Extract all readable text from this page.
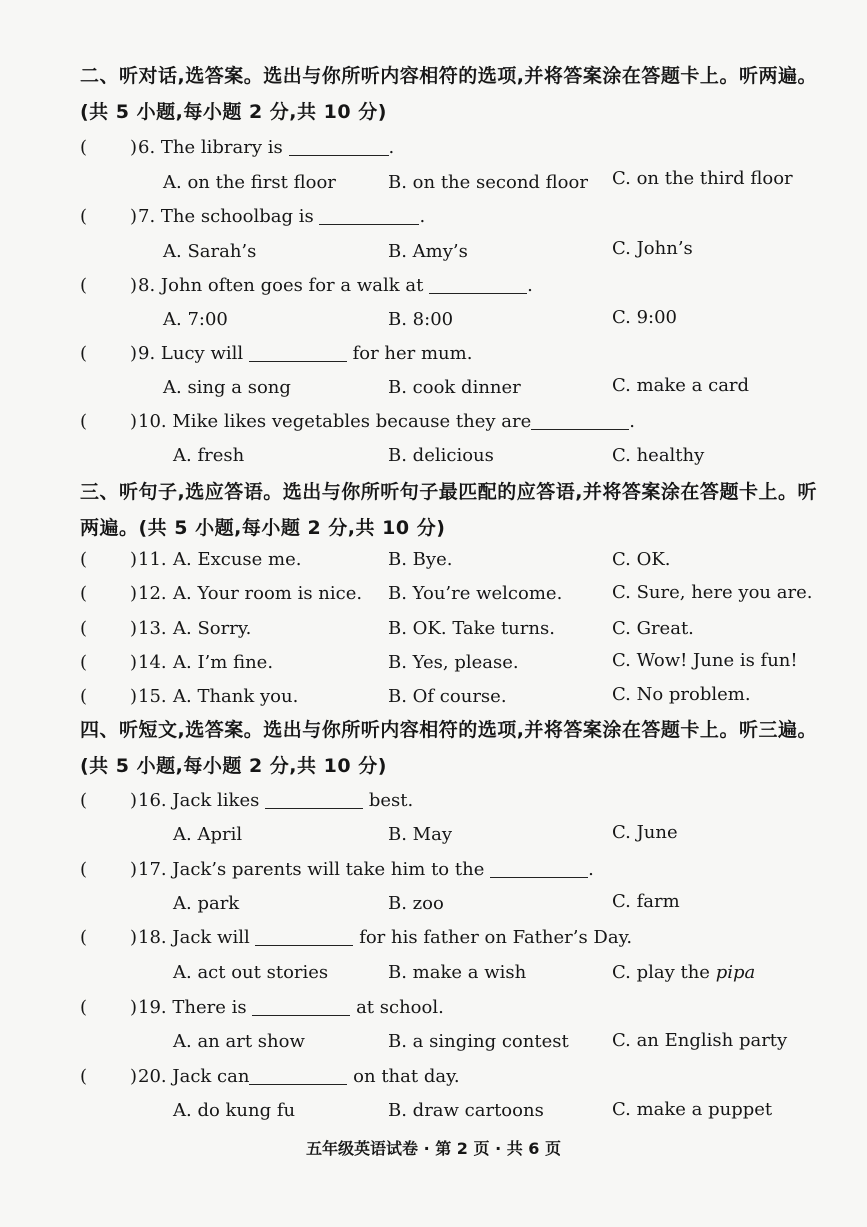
二、听对话,选答案。选出与你所听内容相符的选项,并将答案涂在答题卡上。听两遍。(共 5 小题,每小题 2 分,共 10 分)
( ) 6. The library is	.
A. on the first floor	B. on the second floor C. on the third floor
( ) 7. The schoolbag is	.
A. Sarah’s	B. Amy’s	C. John’s
( ) 8. John often goes for a walk at	.
A. 7:00	B. 8:00	C. 9:00
( ) 9. Lucy will	for her mum.
A. sing a song	B. cook dinner	C. make a card
( ) 10. Mike likes vegetables because they are	.
A. fresh	B. delicious	C. healthy
三、听句子,选应答语。选出与你所听句子最匹配的应答语,并将答案涂在答题卡上。听两遍。(共 5 小题,每小题 2 分,共 10 分)
( ) 11. A. Excuse me.	B. Bye.	C. OK.
( ) 12. A. Your room is nice. B. You’re welcome.	C. Sure, here you are.
( ) 13. A. Sorry.	B. OK. Take turns.	C. Great.
( ) 14. A. I’m fine.	B. Yes, please.	C. Wow! June is fun!
( ) 15. A. Thank you.	B. Of course.	C. No problem.
四、听短文,选答案。选出与你所听内容相符的选项,并将答案涂在答题卡上。听三遍。(共 5 小题,每小题 2 分,共 10 分)
( ) 16. Jack likes	best.
A. April	B. May	C. June
( ) 17. Jack’s parents will take him to the	.
A. park	B. zoo	C. farm
( ) 18. Jack will	for his father on Father’s Day.
A. act out stories	B. make a wish	C. play the pipa
( ) 19. There is	at school.
A. an art show	B. a singing contest C. an English party
( ) 20. Jack can	on that day.
A. do kung fu	B. draw cartoons	C. make a puppet
五年级英语试卷 · 第 2 页 · 共 6 页
